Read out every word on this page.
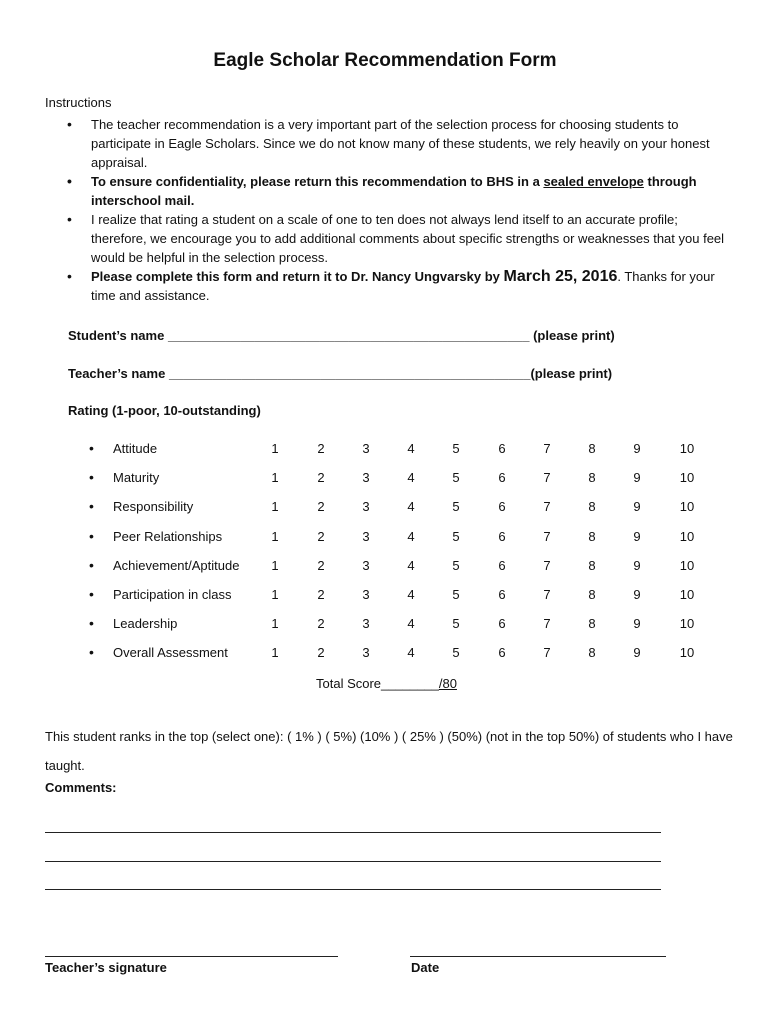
Eagle Scholar Recommendation Form
Instructions
• The teacher recommendation is a very important part of the selection process for choosing students to participate in Eagle Scholars. Since we do not know many of these students, we rely heavily on your honest appraisal.
• To ensure confidentiality, please return this recommendation to BHS in a sealed envelope through interschool mail.
• I realize that rating a student on a scale of one to ten does not always lend itself to an accurate profile; therefore, we encourage you to add additional comments about specific strengths or weaknesses that you feel would be helpful in the selection process.
• Please complete this form and return it to Dr. Nancy Ungvarsky by March 25, 2016. Thanks for your time and assistance.
Student’s name __________________________________________________ (please print)
Teacher’s name __________________________________________________(please print)
Rating (1-poor, 10-outstanding)
• Attitude	1	2	3	4	5	6	7	8	9	10
• Maturity	1	2	3	4	5	6	7	8	9	10
• Responsibility	1	2	3	4	5	6	7	8	9	10
• Peer Relationships	1	2	3	4	5	6	7	8	9	10
• Achievement/Aptitude	1	2	3	4	5	6	7	8	9	10
• Participation in class	1	2	3	4	5	6	7	8	9	10
• Leadership	1	2	3	4	5	6	7	8	9	10
• Overall Assessment	1	2	3	4	5	6	7	8	9	10
Total Score________/80
This student ranks in the top (select one): ( 1% ) ( 5%) (10% ) ( 25% ) (50%) (not in the top 50%) of students who I have taught.
Comments:
Teacher’s signature	Date
